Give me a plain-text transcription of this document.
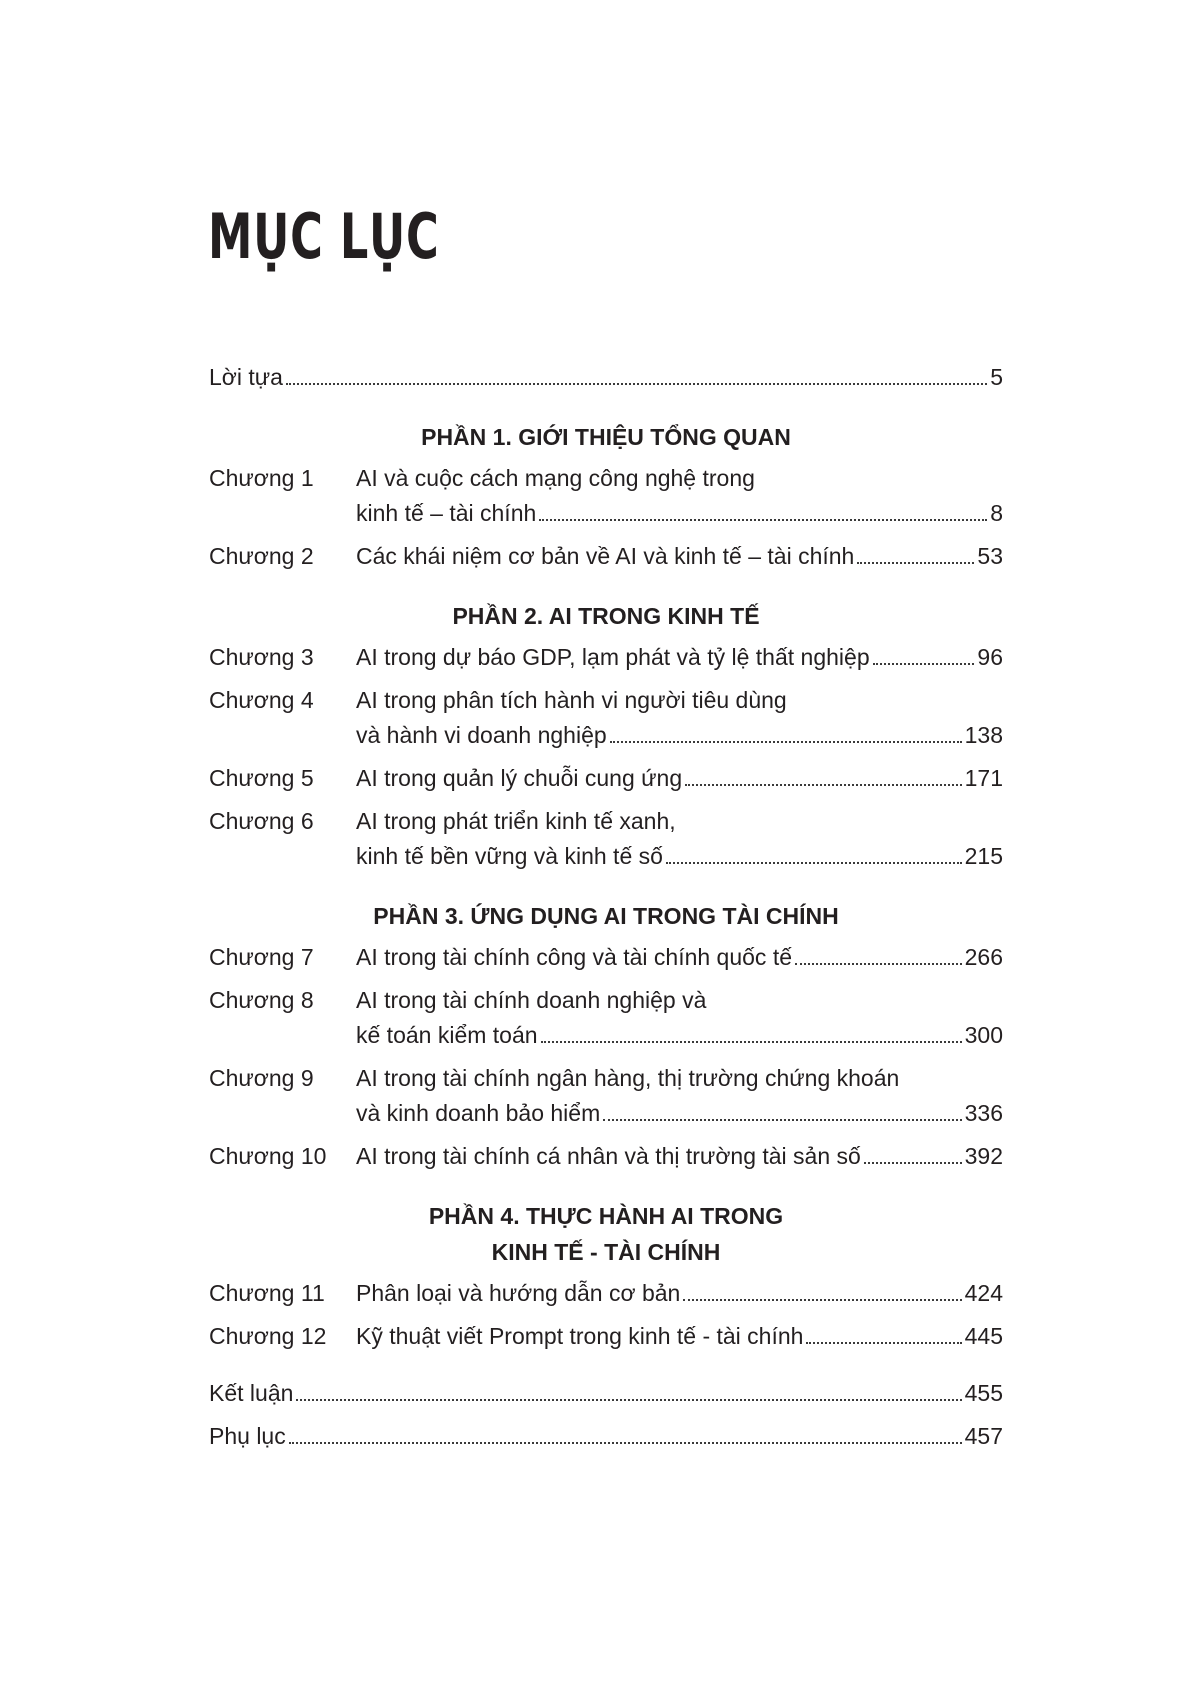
MỤC LỤC
Lời tựa	5
PHẦN 1. GIỚI THIỆU TỔNG QUAN
Chương 1	AI và cuộc cách mạng công nghệ trong
kinh tế – tài chính	8
Chương 2	Các khái niệm cơ bản về AI và kinh tế – tài chính	53
PHẦN 2. AI TRONG KINH TẾ
Chương 3	AI trong dự báo GDP, lạm phát và tỷ lệ thất nghiệp	96
Chương 4	AI trong phân tích hành vi người tiêu dùng
và hành vi doanh nghiệp	138
Chương 5	AI trong quản lý chuỗi cung ứng	171
Chương 6	AI trong phát triển kinh tế xanh,
kinh tế bền vững và kinh tế số	215
PHẦN 3. ỨNG DỤNG AI TRONG TÀI CHÍNH
Chương 7	AI trong tài chính công và tài chính quốc tế	266
Chương 8	AI trong tài chính doanh nghiệp và
kế toán kiểm toán	300
Chương 9	AI trong tài chính ngân hàng, thị trường chứng khoán
và kinh doanh bảo hiểm	336
Chương 10	AI trong tài chính cá nhân và thị trường tài sản số	392
PHẦN 4. THỰC HÀNH AI TRONG
KINH TẾ - TÀI CHÍNH
Chương 11	Phân loại và hướng dẫn cơ bản	424
Chương 12	Kỹ thuật viết Prompt trong kinh tế - tài chính	445
Kết luận	455
Phụ lục	457
